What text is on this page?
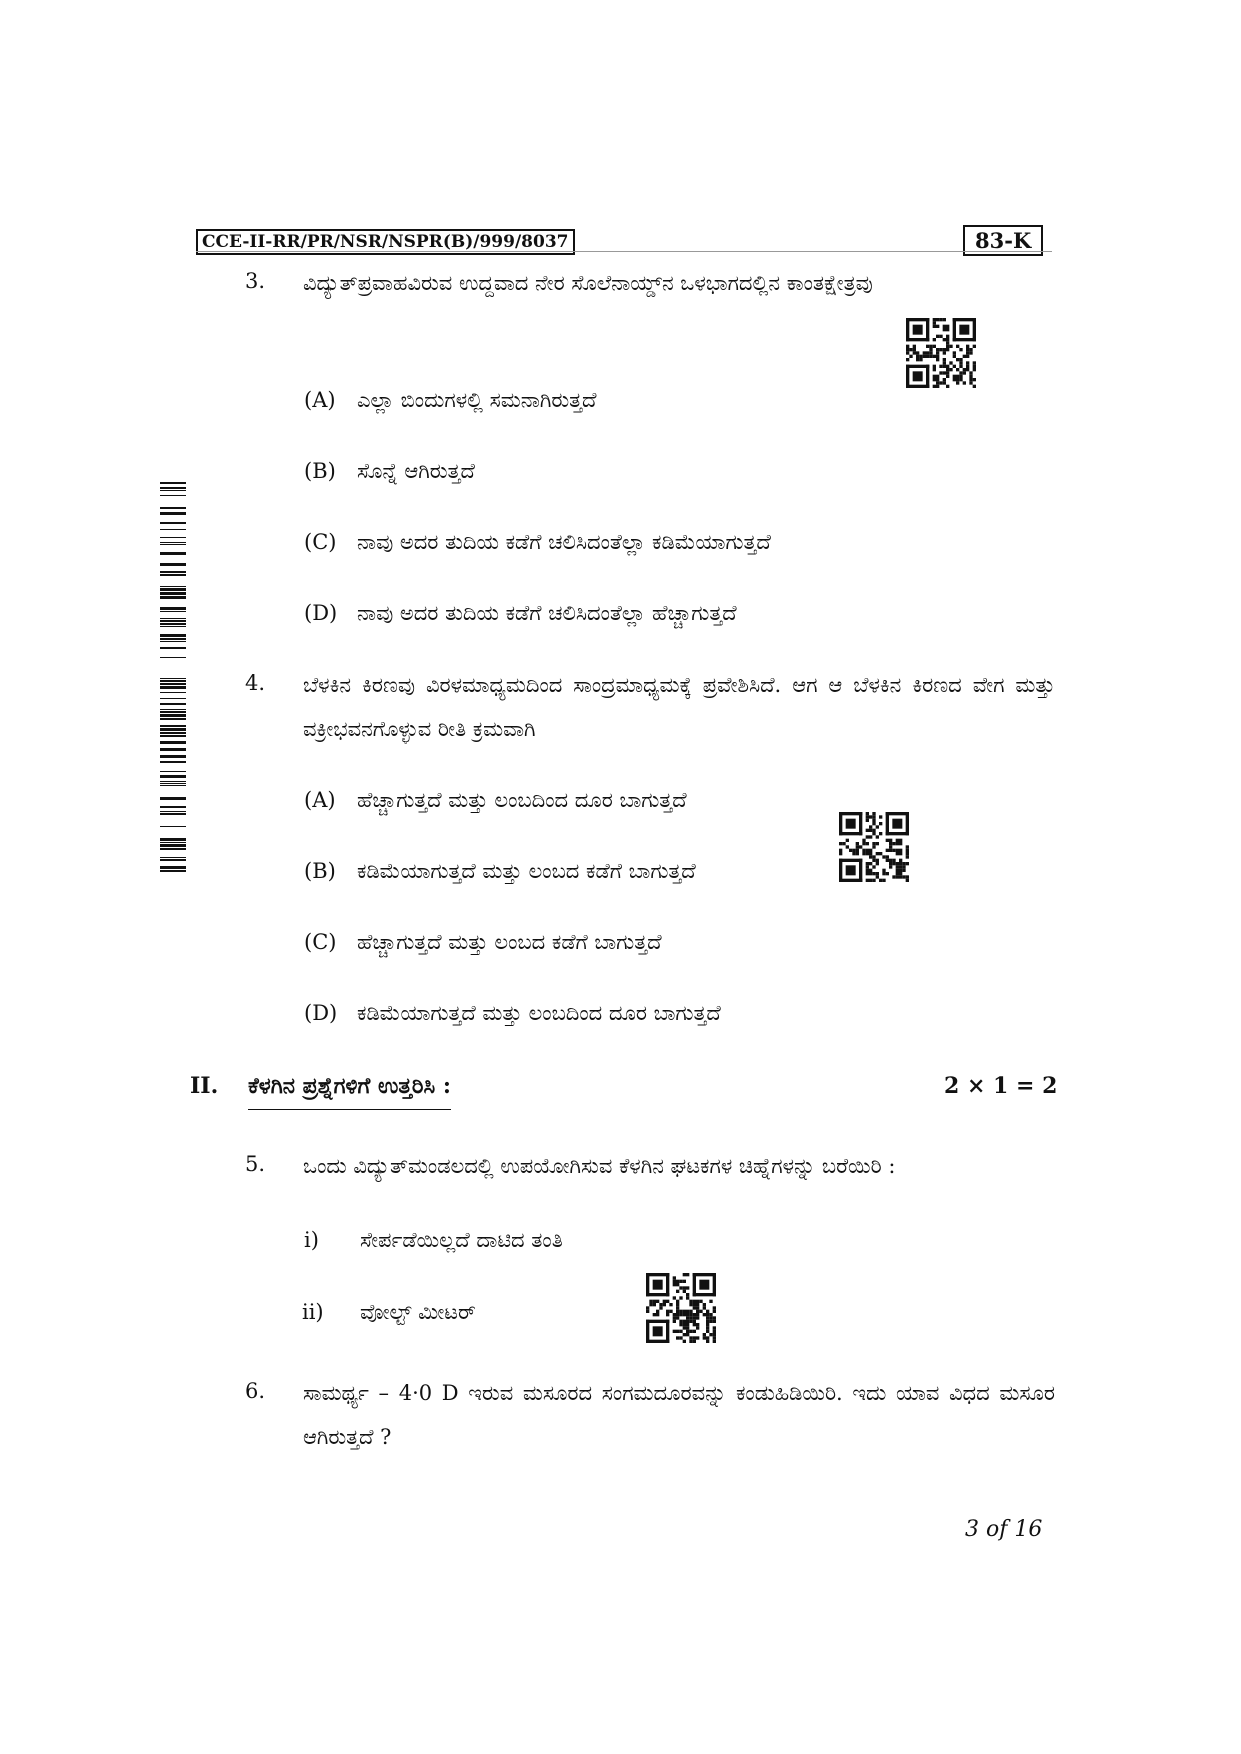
CCE-II-RR/PR/NSR/NSPR(B)/999/8037	83-K
3.	ವಿದ್ಯುತ್‌ಪ್ರವಾಹವಿರುವ ಉದ್ದವಾದ ನೇರ ಸೊಲೆನಾಯ್ಡ್‌ನ ಒಳಭಾಗದಲ್ಲಿನ ಕಾಂತಕ್ಷೇತ್ರವು
(A) ಎಲ್ಲಾ ಬಿಂದುಗಳಲ್ಲಿ ಸಮನಾಗಿರುತ್ತದೆ
(B) ಸೊನ್ನೆ ಆಗಿರುತ್ತದೆ
(C) ನಾವು ಅದರ ತುದಿಯ ಕಡೆಗೆ ಚಲಿಸಿದಂತೆಲ್ಲಾ ಕಡಿಮೆಯಾಗುತ್ತದೆ
(D) ನಾವು ಅದರ ತುದಿಯ ಕಡೆಗೆ ಚಲಿಸಿದಂತೆಲ್ಲಾ ಹೆಚ್ಚಾಗುತ್ತದೆ
4.	ಬೆಳಕಿನ ಕಿರಣವು ವಿರಳಮಾಧ್ಯಮದಿಂದ ಸಾಂದ್ರಮಾಧ್ಯಮಕ್ಕೆ ಪ್ರವೇಶಿಸಿದೆ. ಆಗ ಆ ಬೆಳಕಿನ ಕಿರಣದ ವೇಗ ಮತ್ತು ವಕ್ರೀಭವನಗೊಳ್ಳುವ ರೀತಿ ಕ್ರಮವಾಗಿ
(A) ಹೆಚ್ಚಾಗುತ್ತದೆ ಮತ್ತು ಲಂಬದಿಂದ ದೂರ ಬಾಗುತ್ತದೆ
(B) ಕಡಿಮೆಯಾಗುತ್ತದೆ ಮತ್ತು ಲಂಬದ ಕಡೆಗೆ ಬಾಗುತ್ತದೆ
(C) ಹೆಚ್ಚಾಗುತ್ತದೆ ಮತ್ತು ಲಂಬದ ಕಡೆಗೆ ಬಾಗುತ್ತದೆ
(D) ಕಡಿಮೆಯಾಗುತ್ತದೆ ಮತ್ತು ಲಂಬದಿಂದ ದೂರ ಬಾಗುತ್ತದೆ
II. ಕೆಳಗಿನ ಪ್ರಶ್ನೆಗಳಿಗೆ ಉತ್ತರಿಸಿ :	2 × 1 = 2
5.	ಒಂದು ವಿದ್ಯುತ್‌ಮಂಡಲದಲ್ಲಿ ಉಪಯೋಗಿಸುವ ಕೆಳಗಿನ ಘಟಕಗಳ ಚಿಹ್ನೆಗಳನ್ನು ಬರೆಯಿರಿ :
i) ಸೇರ್ಪಡೆಯಿಲ್ಲದೆ ದಾಟಿದ ತಂತಿ
ii) ವೋಲ್ಟ್ ಮೀಟರ್
6.	ಸಾಮರ್ಥ್ಯ – 4·0 D ಇರುವ ಮಸೂರದ ಸಂಗಮದೂರವನ್ನು ಕಂಡುಹಿಡಿಯಿರಿ. ಇದು ಯಾವ ವಿಧದ ಮಸೂರ ಆಗಿರುತ್ತದೆ ?
3 of 16
